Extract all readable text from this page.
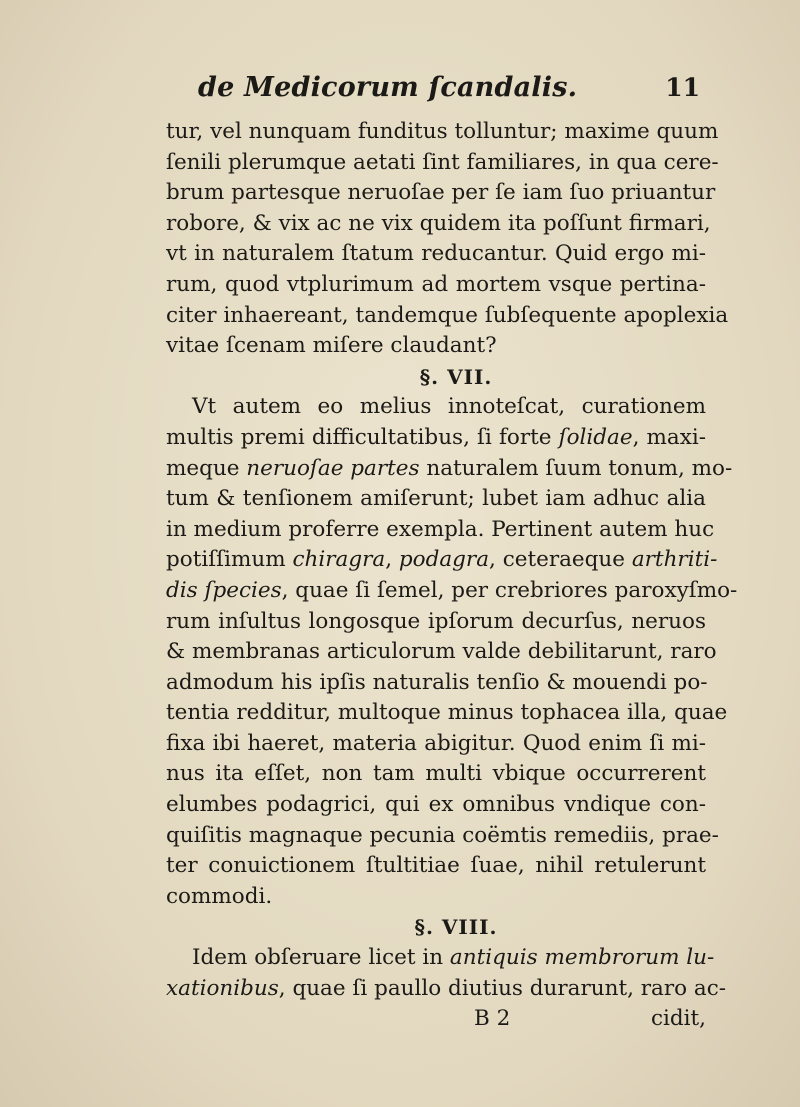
de Medicorum ſcandalis.	11
tur, vel nunquam funditus tolluntur; maxime quum
ſenili plerumque aetati ſint familiares, in qua cere-
brum partesque neruoſae per ſe iam ſuo priuantur
robore, & vix ac ne vix quidem ita poſſunt firmari,
vt in naturalem ſtatum reducantur. Quid ergo mi-
rum, quod vtplurimum ad mortem vsque pertina-
citer inhaereant, tandemque ſubſequente apoplexia
vitae ſcenam miſere claudant?
§. VII.
Vt autem eo melius innoteſcat, curationem
multis premi difficultatibus, ſi forte ſolidae, maxi-
meque neruoſae partes naturalem ſuum tonum, mo-
tum & tenſionem amiſerunt; lubet iam adhuc alia
in medium proferre exempla. Pertinent autem huc
potiſſimum chiragra, podagra, ceteraeque arthriti-
dis ſpecies, quae ſi ſemel, per crebriores paroxyſmo-
rum inſultus longosque ipſorum decurſus, neruos
& membranas articulorum valde debilitarunt, raro
admodum his ipſis naturalis tenſio & mouendi po-
tentia redditur, multoque minus tophacea illa, quae
fixa ibi haeret, materia abigitur. Quod enim ſi mi-
nus ita eſſet, non tam multi vbique occurrerent
elumbes podagrici, qui ex omnibus vndique con-
quiſitis magnaque pecunia coëmtis remediis, prae-
ter conuictionem ſtultitiae ſuae, nihil retulerunt
commodi.
§. VIII.
Idem obſeruare licet in antiquis membrorum lu-
xationibus, quae ſi paullo diutius durarunt, raro ac-
B 2	cidit,
